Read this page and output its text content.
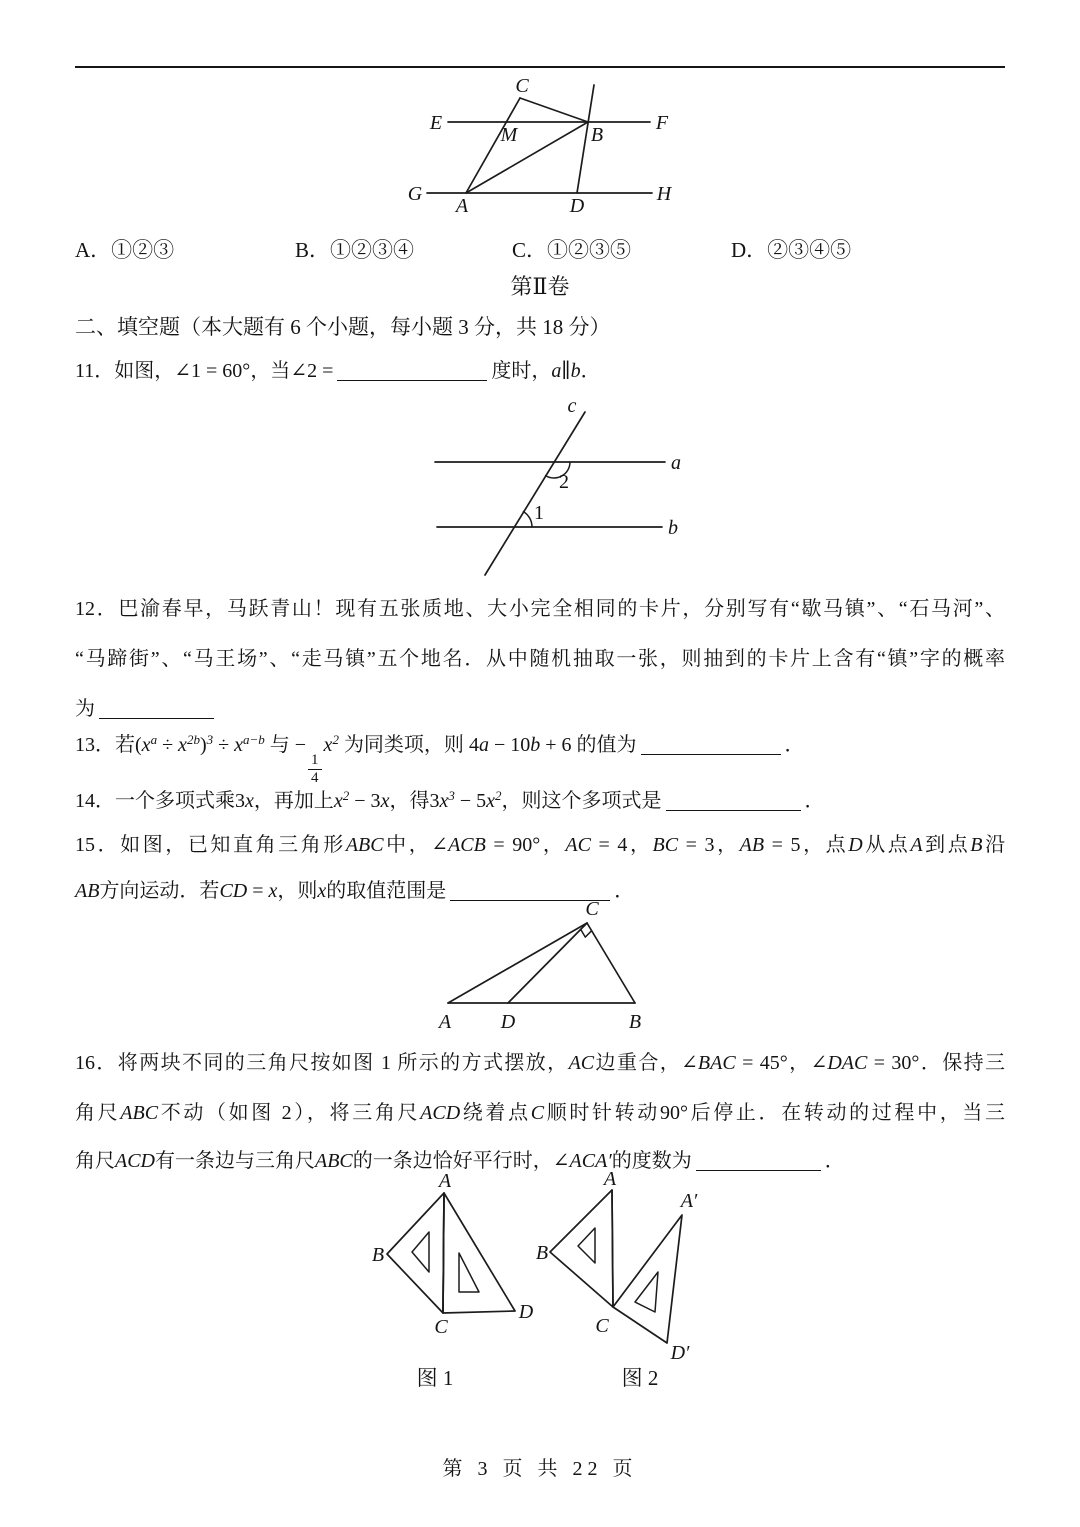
C
E
M	B
F
G
A	D
H
A．①②③	B．①②③④	C．①②③⑤	D．②③④⑤
第Ⅱ卷
二、填空题（本大题有 6 个小题，每小题 3 分，共 18 分）
11．如图，∠1 = 60°，当∠2 =	度时，a∥b．
c
a
b
2
1
12．巴渝春早，马跃青山！现有五张质地、大小完全相同的卡片，分别写有“歇马镇”、“石马河”、
“马蹄街”、“马王场”、“走马镇”五个地名．从中随机抽取一张，则抽到的卡片上含有“镇”字的概率
为
13．若$(x^a \div x^{2b})^3 \div x^{a-b}$ 与 −
$\frac{1}{4}$
$x^2$ 为同类项，则 4a − 10b + 6 的值为	．
14．一个多项式乘3x，再加上$x^2 - 3x$，得$3x^3 - 5x^2$，则这个多项式是	．
15．如图，已知直角三角形ABC中，∠ACB = 90°，AC = 4，BC = 3，AB = 5，点D从点A到点B沿
AB方向运动．若CD = x，则x的取值范围是	．
C
A D	B
16．将两块不同的三角尺按如图 1 所示的方式摆放，AC边重合，∠BAC = 45°，∠DAC = 30°．保持三
角尺ABC不动（如图 2），将三角尺ACD绕着点C顺时针转动90°后停止．在转动的过程中，当三
角尺ACD有一条边与三角尺ABC的一条边恰好平行时，∠ACA′的度数为	．
A
B
C
D
图 1
A
B
C
A′
D′
图 2
第 3 页 共 22 页
